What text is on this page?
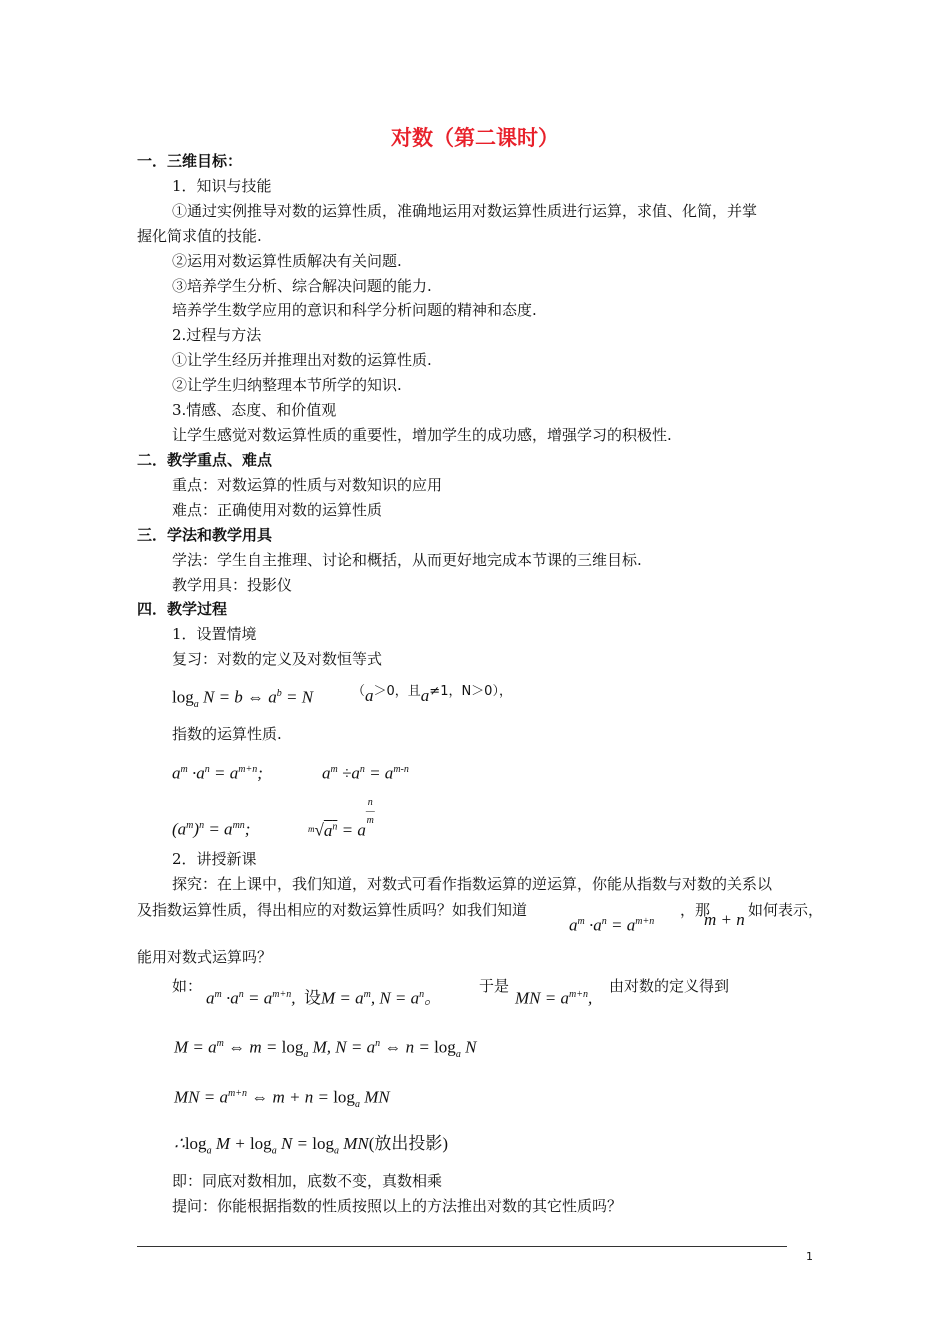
对数（第二课时）
一．三维目标：
1．知识与技能
①通过实例推导对数的运算性质，准确地运用对数运算性质进行运算，求值、化简，并掌
握化简求值的技能.
②运用对数运算性质解决有关问题.
③培养学生分析、综合解决问题的能力.
培养学生数学应用的意识和科学分析问题的精神和态度.
2.过程与方法
①让学生经历并推理出对数的运算性质.
②让学生归纳整理本节所学的知识.
3.情感、态度、和价值观
让学生感觉对数运算性质的重要性，增加学生的成功感，增强学习的积极性.
二．教学重点、难点
重点：对数运算的性质与对数知识的应用
难点：正确使用对数的运算性质
三．学法和教学用具
学法：学生自主推理、讨论和概括，从而更好地完成本节课的三维目标.
教学用具：投影仪
四．教学过程
1．设置情境
复习：对数的定义及对数恒等式
$\log_a N = b$ ⇔ $a^b = N$	（a＞0，且a≠1，N＞0），
指数的运算性质.
$a^m \cdot a^n = a^{m+n}$;	$a^m \div a^n = a^{m-n}$
$(a^m)^n = a^{mn}$;	$^m√a^n = a^{n — m}$
2．讲授新课
探究：在上课中，我们知道，对数式可看作指数运算的逆运算，你能从指数与对数的关系以
及指数运算性质，得出相应的对数运算性质吗？如我们知道
$a^m \cdot a^n = a^{m+n}$
，那
m + n 如何表示，
能用对数式运算吗？
如：
$a^m \cdot a^n = a^{m+n}$,  设$M = a^m$, $N = a^n$。
于是
MN = $a^{m+n}$,
由对数的定义得到
$M = a^m$ ⇔ $m = \log_a M$, $N = a^n$ ⇔ $n = \log_a N$
MN = $a^{m+n}$ ⇔ $m + n = \log_a$ MN
$\therefore\log_a$ $M + \log_a N = \log_a MN$(放出投影)
即：同底对数相加，底数不变，真数相乘
提问：你能根据指数的性质按照以上的方法推出对数的其它性质吗？
1
